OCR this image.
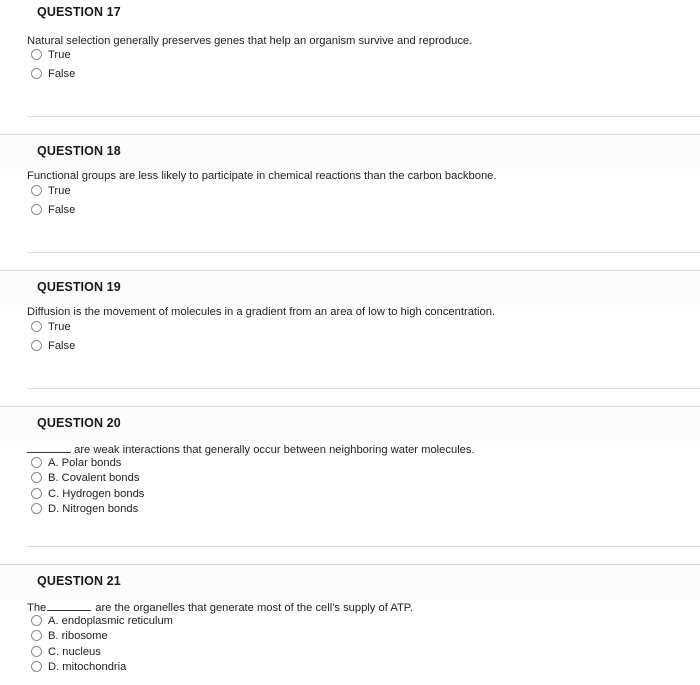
QUESTION 17
Natural selection generally preserves genes that help an organism survive and reproduce.
True
False
QUESTION 18
Functional groups are less likely to participate in chemical reactions than the carbon backbone.
True
False
QUESTION 19
Diffusion is the movement of molecules in a gradient from an area of low to high concentration.
True
False
QUESTION 20
are weak interactions that generally occur between neighboring water molecules.
A. Polar bonds
B. Covalent bonds
C. Hydrogen bonds
D. Nitrogen bonds
QUESTION 21
The	are the organelles that generate most of the cell's supply of ATP.
A. endoplasmic reticulum
B. ribosome
C. nucleus
D. mitochondria
